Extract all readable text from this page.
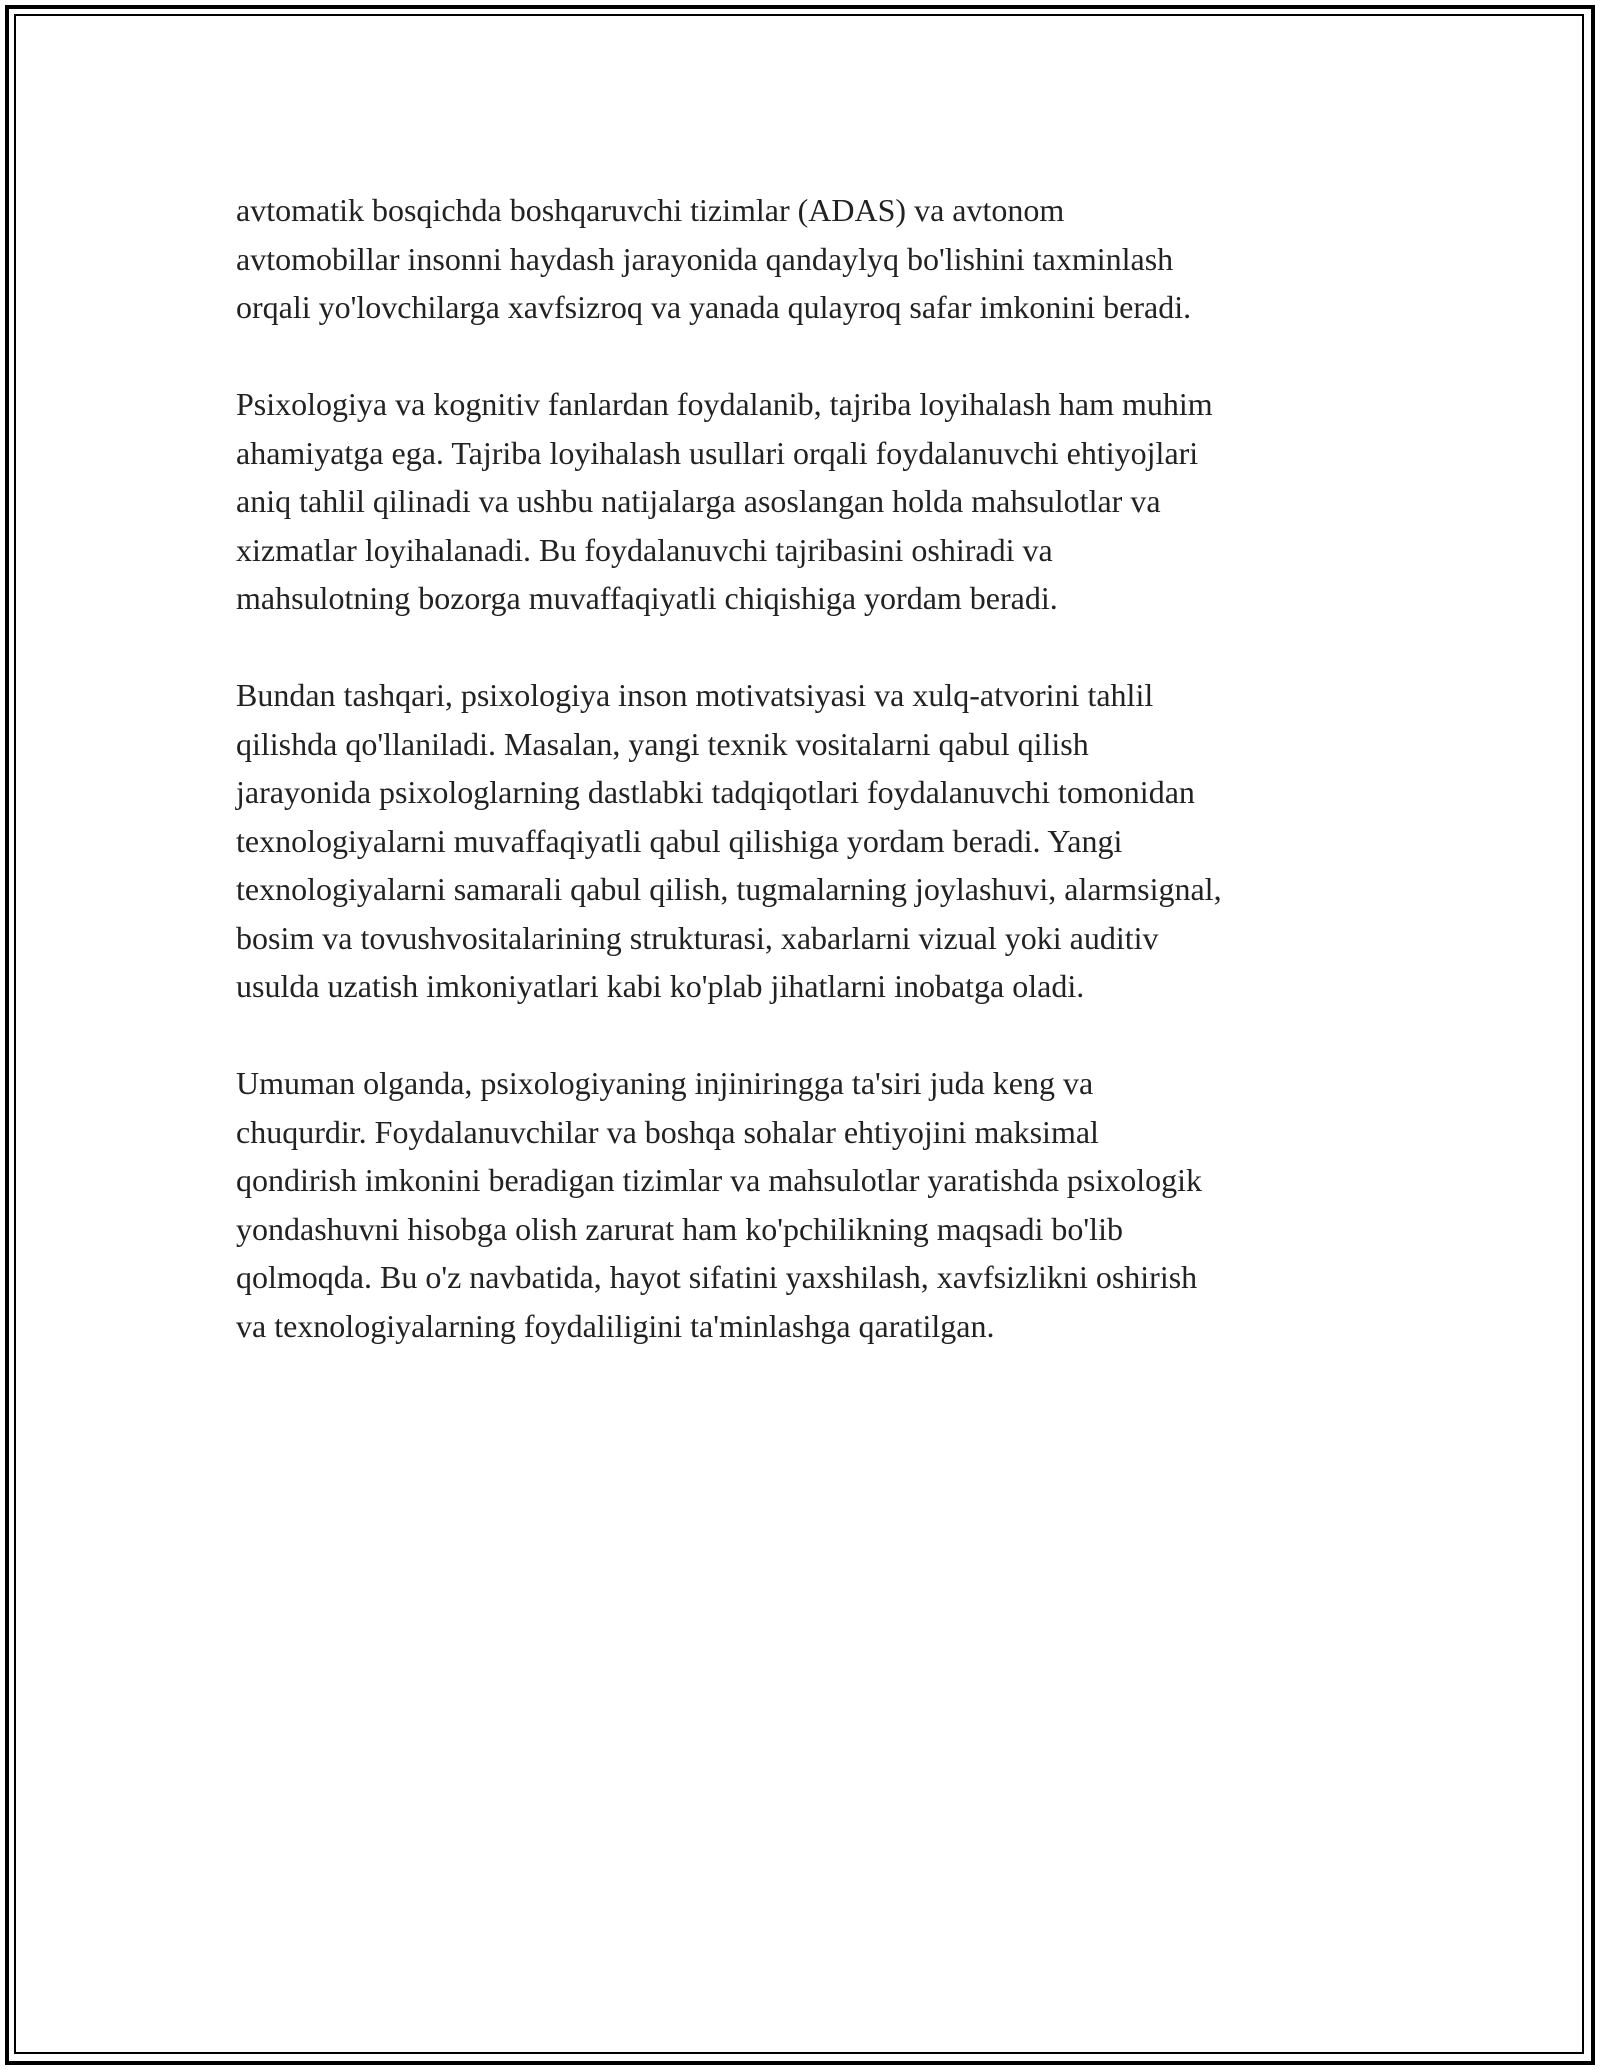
avtomatik bosqichda boshqaruvchi tizimlar (ADAS) va avtonom
avtomobillar insonni haydash jarayonida qandaylyq bo'lishini taxminlash
orqali yo'lovchilarga xavfsizroq va yanada qulayroq safar imkonini beradi.

Psixologiya va kognitiv fanlardan foydalanib, tajriba loyihalash ham muhim
ahamiyatga ega. Tajriba loyihalash usullari orqali foydalanuvchi ehtiyojlari
aniq tahlil qilinadi va ushbu natijalarga asoslangan holda mahsulotlar va
xizmatlar loyihalanadi. Bu foydalanuvchi tajribasini oshiradi va
mahsulotning bozorga muvaffaqiyatli chiqishiga yordam beradi.

Bundan tashqari, psixologiya inson motivatsiyasi va xulq-atvorini tahlil
qilishda qo'llaniladi. Masalan, yangi texnik vositalarni qabul qilish
jarayonida psixologlarning dastlabki tadqiqotlari foydalanuvchi tomonidan
texnologiyalarni muvaffaqiyatli qabul qilishiga yordam beradi. Yangi
texnologiyalarni samarali qabul qilish, tugmalarning joylashuvi, alarmsignal,
bosim va tovushvositalarining strukturasi, xabarlarni vizual yoki auditiv
usulda uzatish imkoniyatlari kabi ko'plab jihatlarni inobatga oladi.

Umuman olganda, psixologiyaning injiniringga ta'siri juda keng va
chuqurdir. Foydalanuvchilar va boshqa sohalar ehtiyojini maksimal
qondirish imkonini beradigan tizimlar va mahsulotlar yaratishda psixologik
yondashuvni hisobga olish zarurat ham ko'pchilikning maqsadi bo'lib
qolmoqda. Bu o'z navbatida, hayot sifatini yaxshilash, xavfsizlikni oshirish
va texnologiyalarning foydaliligini ta'minlashga qaratilgan.
